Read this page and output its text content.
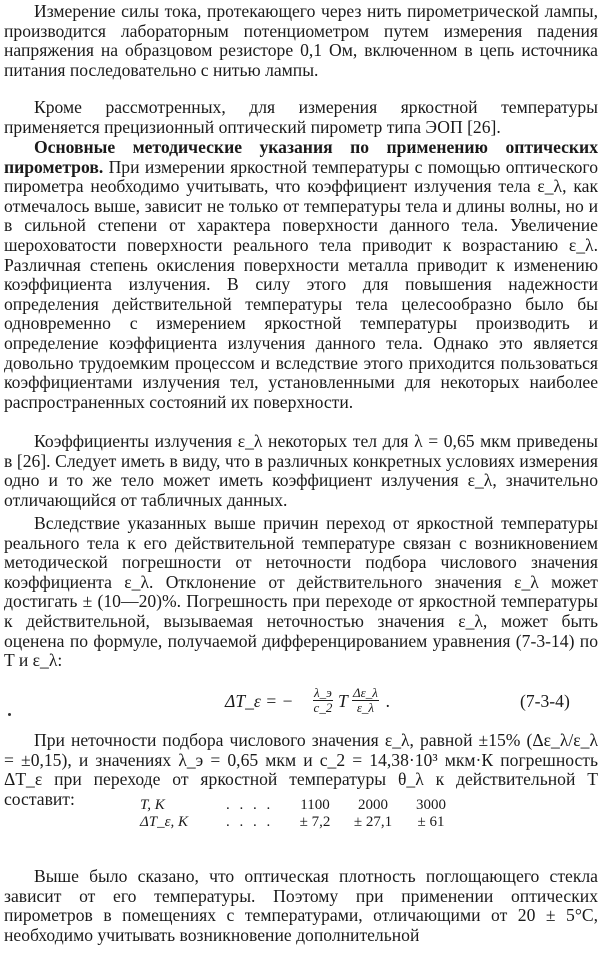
Измерение силы тока, протекающего через нить пирометрической лампы, производится лабораторным потенциометром путем измерения падения напряжения на образцовом резисторе 0,1 Ом, включенном в цепь источника питания последовательно с нитью лампы.

Кроме рассмотренных, для измерения яркостной температуры применяется прецизионный оптический пирометр типа ЭОП [26].

Основные методические указания по применению оптических пирометров. При измерении яркостной температуры с помощью оптического пирометра необходимо учитывать, что коэффициент излучения тела ε_λ, как отмечалось выше, зависит не только от температуры тела и длины волны, но и в сильной степени от характера поверхности данного тела. Увеличение шероховатости поверхности реального тела приводит к возрастанию ε_λ. Различная степень окисления поверхности металла приводит к изменению коэффициента излучения. В силу этого для повышения надежности определения действительной температуры тела целесообразно было бы одновременно с измерением яркостной температуры производить и определение коэффициента излучения данного тела. Однако это является довольно трудоемким процессом и вследствие этого приходится пользоваться коэффициентами излучения тел, установленными для некоторых наиболее распространенных состояний их поверхности.

Коэффициенты излучения ε_λ некоторых тел для λ = 0,65 мкм приведены в [26]. Следует иметь в виду, что в различных конкретных условиях измерения одно и то же тело может иметь коэффициент излучения ε_λ, значительно отличающийся от табличных данных.

Вследствие указанных выше причин переход от яркостной температуры реального тела к его действительной температуре связан с возникновением методической погрешности от неточности подбора числового значения коэффициента ε_λ. Отклонение от действительного значения ε_λ может достигать ± (10—20)%. Погрешность при переходе от яркостной температуры к действительной, вызываемая неточностью значения ε_λ, может быть оценена по формуле, получаемой дифференцированием уравнения (7-3-14) по T и ε_λ:

ΔT_ε = − λ_э
c_2 T $\frac{\Delta\varepsilon\_\lambda}{\varepsilon\_\lambda}$ .	(7-3-4)

При неточности подбора числового значения ε_λ, равной ±15% (Δε_λ/ε_λ = ±0,15), и значениях λ_э = 0,65 мкм и c_2 = 14,38·10³ мкм·К погрешность ΔT_ε при переходе от яркостной температуры θ_λ к действительной T составит:	T, К	. . . .	1100	2000	3000
ΔT_ε, К	. . . .	± 7,2	± 27,1	± 61

Выше было сказано, что оптическая плотность поглощающего стекла зависит от его температуры. Поэтому при применении оптических пирометров в помещениях с температурами, отличающими от 20 ± 5°С, необходимо учитывать возникновение дополнительной
